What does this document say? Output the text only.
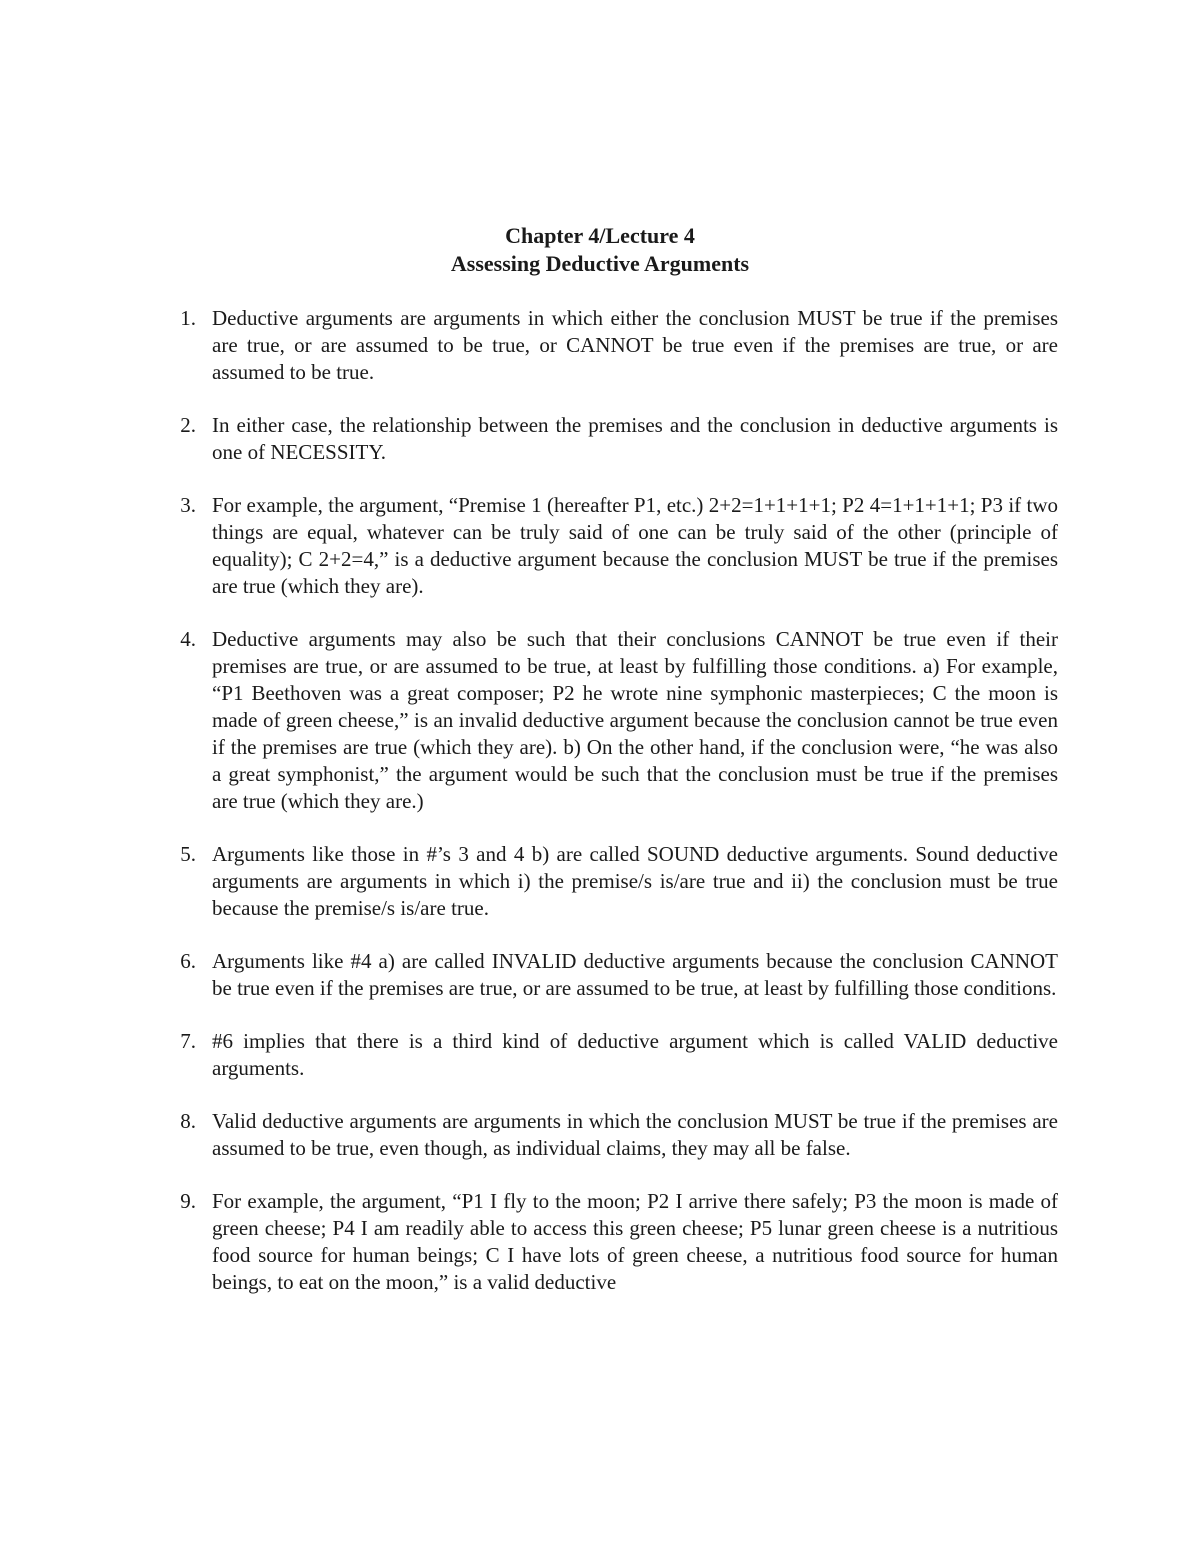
Chapter 4/Lecture 4
Assessing Deductive Arguments
1. Deductive arguments are arguments in which either the conclusion MUST be true if the premises are true, or are assumed to be true, or CANNOT be true even if the premises are true, or are assumed to be true.
2. In either case, the relationship between the premises and the conclusion in deductive arguments is one of NECESSITY.
3. For example, the argument, “Premise 1 (hereafter P1, etc.) 2+2=1+1+1+1; P2 4=1+1+1+1; P3 if two things are equal, whatever can be truly said of one can be truly said of the other (principle of equality); C 2+2=4,” is a deductive argument because the conclusion MUST be true if the premises are true (which they are).
4. Deductive arguments may also be such that their conclusions CANNOT be true even if their premises are true, or are assumed to be true, at least by fulfilling those conditions. a) For example, “P1 Beethoven was a great composer; P2 he wrote nine symphonic masterpieces; C the moon is made of green cheese,” is an invalid deductive argument because the conclusion cannot be true even if the premises are true (which they are). b) On the other hand, if the conclusion were, “he was also a great symphonist,” the argument would be such that the conclusion must be true if the premises are true (which they are.)
5. Arguments like those in #’s 3 and 4 b) are called SOUND deductive arguments. Sound deductive arguments are arguments in which i) the premise/s is/are true and ii) the conclusion must be true because the premise/s is/are true.
6. Arguments like #4 a) are called INVALID deductive arguments because the conclusion CANNOT be true even if the premises are true, or are assumed to be true, at least by fulfilling those conditions.
7. #6 implies that there is a third kind of deductive argument which is called VALID deductive arguments.
8. Valid deductive arguments are arguments in which the conclusion MUST be true if the premises are assumed to be true, even though, as individual claims, they may all be false.
9. For example, the argument, “P1 I fly to the moon; P2 I arrive there safely; P3 the moon is made of green cheese; P4 I am readily able to access this green cheese; P5 lunar green cheese is a nutritious food source for human beings; C I have lots of green cheese, a nutritious food source for human beings, to eat on the moon,” is a valid deductive
